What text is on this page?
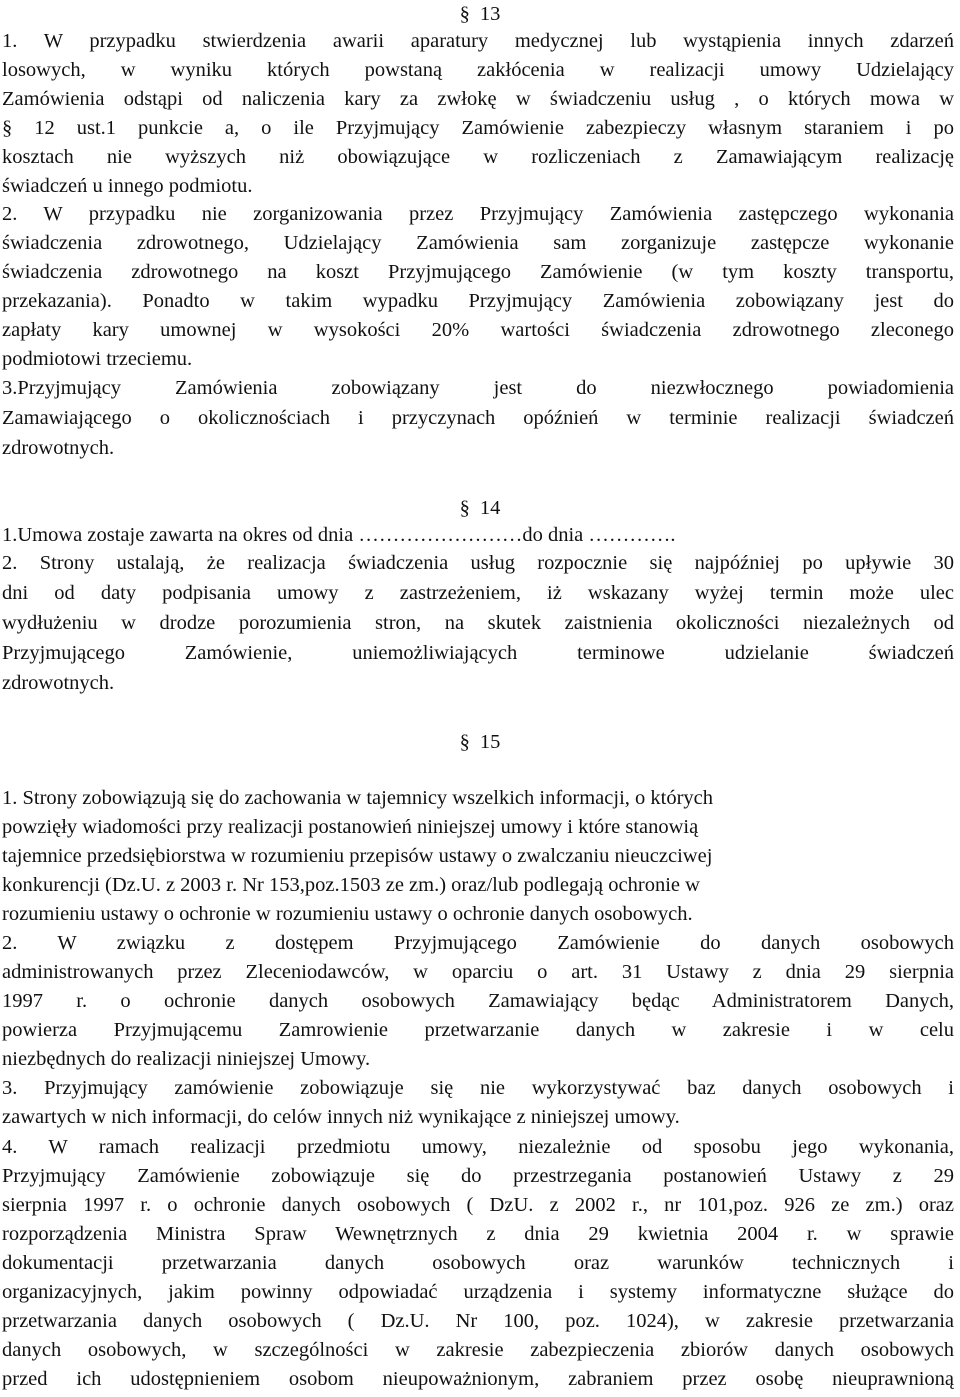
§ 13
1. W przypadku stwierdzenia awarii aparatury medycznej lub wystąpienia innych zdarzeń
losowych, w wyniku których powstaną zakłócenia w realizacji umowy Udzielający
Zamówienia odstąpi od naliczenia kary za zwłokę w świadczeniu usług , o których mowa w
§ 12 ust.1 punkcie a, o ile Przyjmujący Zamówienie zabezpieczy własnym staraniem i po
kosztach nie wyższych niż obowiązujące w rozliczeniach z Zamawiającym realizację
świadczeń u innego podmiotu.
2. W przypadku nie zorganizowania przez Przyjmujący Zamówienia zastępczego wykonania
świadczenia zdrowotnego, Udzielający Zamówienia sam zorganizuje zastępcze wykonanie
świadczenia zdrowotnego na koszt Przyjmującego Zamówienie (w tym koszty transportu,
przekazania). Ponadto w takim wypadku Przyjmujący Zamówienia zobowiązany jest do
zapłaty kary umownej w wysokości 20% wartości świadczenia zdrowotnego zleconego
podmiotowi trzeciemu.
3.Przyjmujący Zamówienia zobowiązany jest do niezwłocznego powiadomienia
Zamawiającego o okolicznościach i przyczynach opóźnień w terminie realizacji świadczeń
zdrowotnych.
§ 14
1.Umowa zostaje zawarta na okres od dnia ……………………do dnia ………….
2. Strony ustalają, że realizacja świadczenia usług rozpocznie się najpóźniej po upływie 30
dni od daty podpisania umowy z zastrzeżeniem, iż wskazany wyżej termin może ulec
wydłużeniu w drodze porozumienia stron, na skutek zaistnienia okoliczności niezależnych od
Przyjmującego Zamówienie, uniemożliwiających terminowe udzielanie świadczeń
zdrowotnych.
§ 15
1. Strony zobowiązują się do zachowania w tajemnicy wszelkich informacji, o których
powzięły wiadomości przy realizacji postanowień niniejszej umowy i które stanowią
tajemnice przedsiębiorstwa w rozumieniu przepisów ustawy o zwalczaniu nieuczciwej
konkurencji (Dz.U. z 2003 r. Nr 153,poz.1503 ze zm.) oraz/lub podlegają ochronie w
rozumieniu ustawy o ochronie w rozumieniu ustawy o ochronie danych osobowych.
2. W związku z dostępem Przyjmującego Zamówienie do danych osobowych
administrowanych przez Zleceniodawców, w oparciu o art. 31 Ustawy z dnia 29 sierpnia
1997 r. o ochronie danych osobowych Zamawiający będąc Administratorem Danych,
powierza Przyjmującemu Zamrowienie przetwarzanie danych w zakresie i w celu
niezbędnych do realizacji niniejszej Umowy.
3. Przyjmujący zamówienie zobowiązuje się nie wykorzystywać baz danych osobowych i
zawartych w nich informacji, do celów innych niż wynikające z niniejszej umowy.
4. W ramach realizacji przedmiotu umowy, niezależnie od sposobu jego wykonania,
Przyjmujący Zamówienie zobowiązuje się do przestrzegania postanowień Ustawy z 29
sierpnia 1997 r. o ochronie danych osobowych ( DzU. z 2002 r., nr 101,poz. 926 ze zm.) oraz
rozporządzenia Ministra Spraw Wewnętrznych z dnia 29 kwietnia 2004 r. w sprawie
dokumentacji przetwarzania danych osobowych oraz warunków technicznych i
organizacyjnych, jakim powinny odpowiadać urządzenia i systemy informatyczne służące do
przetwarzania danych osobowych ( Dz.U. Nr 100, poz. 1024), w zakresie przetwarzania
danych osobowych, w szczególności w zakresie zabezpieczenia zbiorów danych osobowych
przed ich udostępnieniem osobom nieupoważnionym, zabraniem przez osobę nieuprawnioną
